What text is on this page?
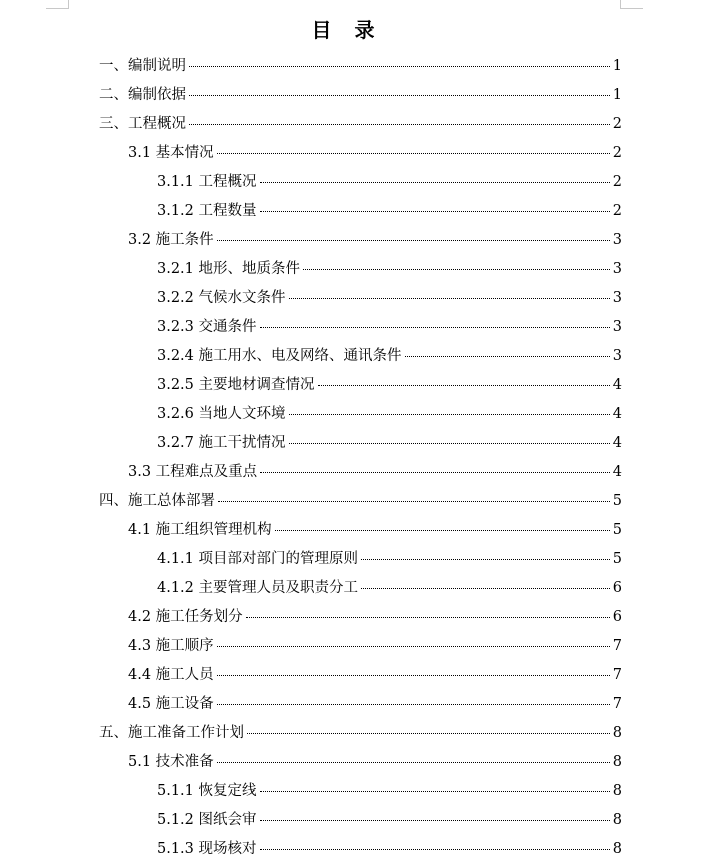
目 录
一、编制说明	1
二、编制依据	1
三、工程概况	2
3.1 基本情况	2
3.1.1 工程概况	2
3.1.2 工程数量	2
3.2 施工条件	3
3.2.1 地形、地质条件	3
3.2.2 气候水文条件	3
3.2.3 交通条件	3
3.2.4 施工用水、电及网络、通讯条件	3
3.2.5 主要地材调查情况	4
3.2.6 当地人文环境	4
3.2.7 施工干扰情况	4
3.3 工程难点及重点	4
四、施工总体部署	5
4.1 施工组织管理机构	5
4.1.1 项目部对部门的管理原则	5
4.1.2 主要管理人员及职责分工	6
4.2 施工任务划分	6
4.3 施工顺序	7
4.4 施工人员	7
4.5 施工设备	7
五、施工准备工作计划	8
5.1 技术准备	8
5.1.1 恢复定线	8
5.1.2 图纸会审	8
5.1.3 现场核对	8
